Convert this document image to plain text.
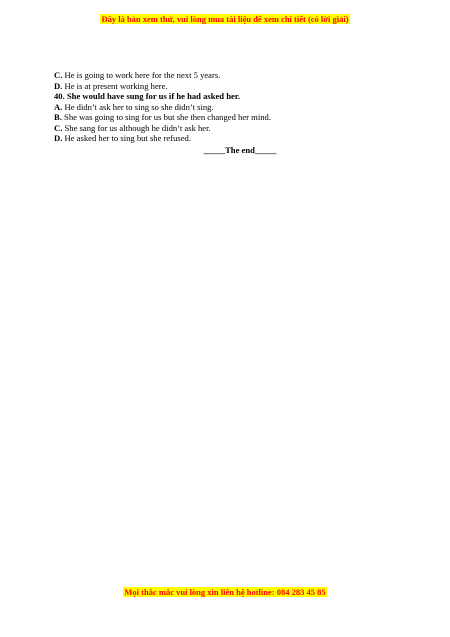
Đây là bản xem thử, vui lòng mua tài liệu để xem chi tiết (có lời giải)
C. He is going to work here for the next 5 years.
D. He is at present working here.
40. She would have sung for us if he had asked her.
A. He didn’t ask her to sing so she didn’t sing.
B. She was going to sing for us but she then changed her mind.
C. She sang for us although he didn’t ask her.
D. He asked her to sing but she refused.
_____The end_____
Mọi thắc mắc vui lòng xin liên hệ hotline: 084 283 45 85
